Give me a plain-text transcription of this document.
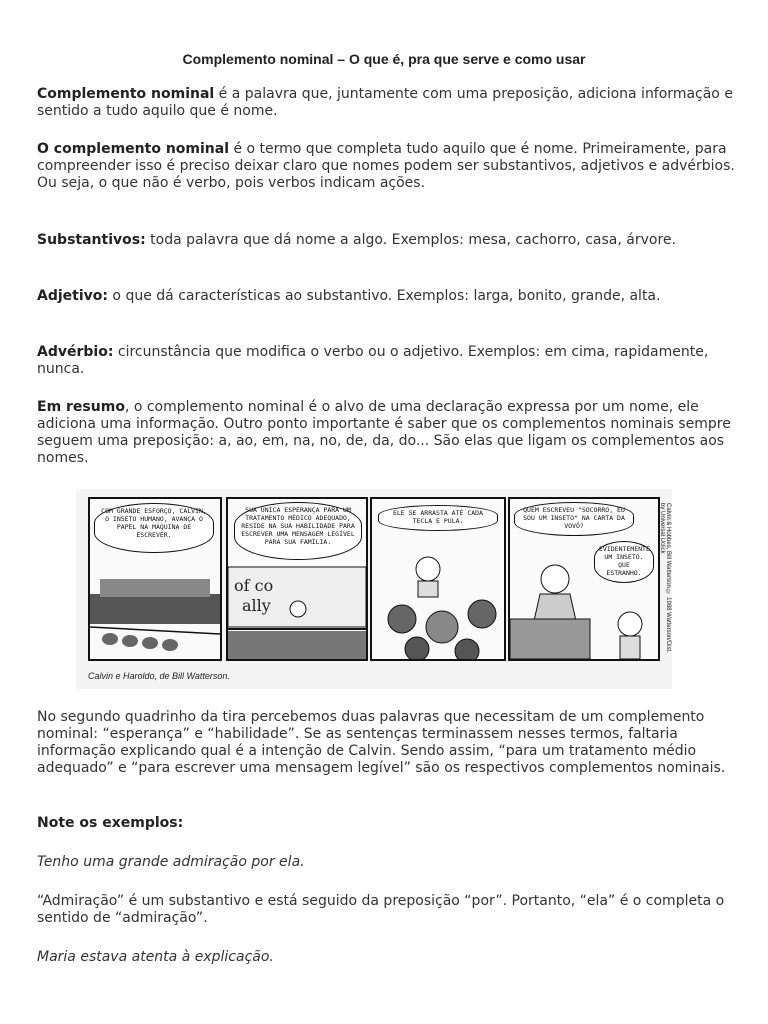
Complemento nominal – O que é, pra que serve e como usar

Complemento nominal é a palavra que, juntamente com uma preposição, adiciona informação e sentido a tudo aquilo que é nome.

O complemento nominal é o termo que completa tudo aquilo que é nome. Primeiramente, para compreender isso é preciso deixar claro que nomes podem ser substantivos, adjetivos e advérbios. Ou seja, o que não é verbo, pois verbos indicam ações.

Substantivos: toda palavra que dá nome a algo. Exemplos: mesa, cachorro, casa, árvore.

Adjetivo: o que dá características ao substantivo. Exemplos: larga, bonito, grande, alta.

Advérbio: circunstância que modifica o verbo ou o adjetivo. Exemplos: em cima, rapidamente, nunca.

Em resumo, o complemento nominal é o alvo de uma declaração expressa por um nome, ele adiciona uma informação. Outro ponto importante é saber que os complementos nominais sempre seguem uma preposição: a, ao, em, na, no, de, da, do... São elas que ligam os complementos aos nomes.

COM GRANDE ESFORÇO, CALVIN, O INSETO HUMANO, AVANÇA O PAPEL NA MÁQUINA DE ESCREVER.
SUA ÚNICA ESPERANÇA PARA UM TRATAMENTO MÉDICO ADEQUADO, RESIDE NA SUA HABILIDADE PARA ESCREVER UMA MENSAGEM LEGÍVEL PARA SUA FAMÍLIA.
of co
ally
ELE SE ARRASTA ATÉ CADA TECLA E PULA.
QUEM ESCREVEU "SOCORRO, EU SOU UM INSETO" NA CARTA DA VOVÓ?
EVIDENTEMENTE UM INSETO. QUE ESTRANHO.	Calvin & Hobbes, Bill Watterson © 1988 Watterson/Dist. by Universal Uclick
Calvin e Haroldo, de Bill Watterson.

No segundo quadrinho da tira percebemos duas palavras que necessitam de um complemento nominal: “esperança” e “habilidade”. Se as sentenças terminassem nesses termos, faltaria informação explicando qual é a intenção de Calvin. Sendo assim, “para um tratamento médio adequado” e “para escrever uma mensagem legível” são os respectivos complementos nominais.

Note os exemplos:

Tenho uma grande admiração por ela.

“Admiração” é um substantivo e está seguido da preposição “por”. Portanto, “ela” é o completa o sentido de “admiração”.

Maria estava atenta à explicação.
